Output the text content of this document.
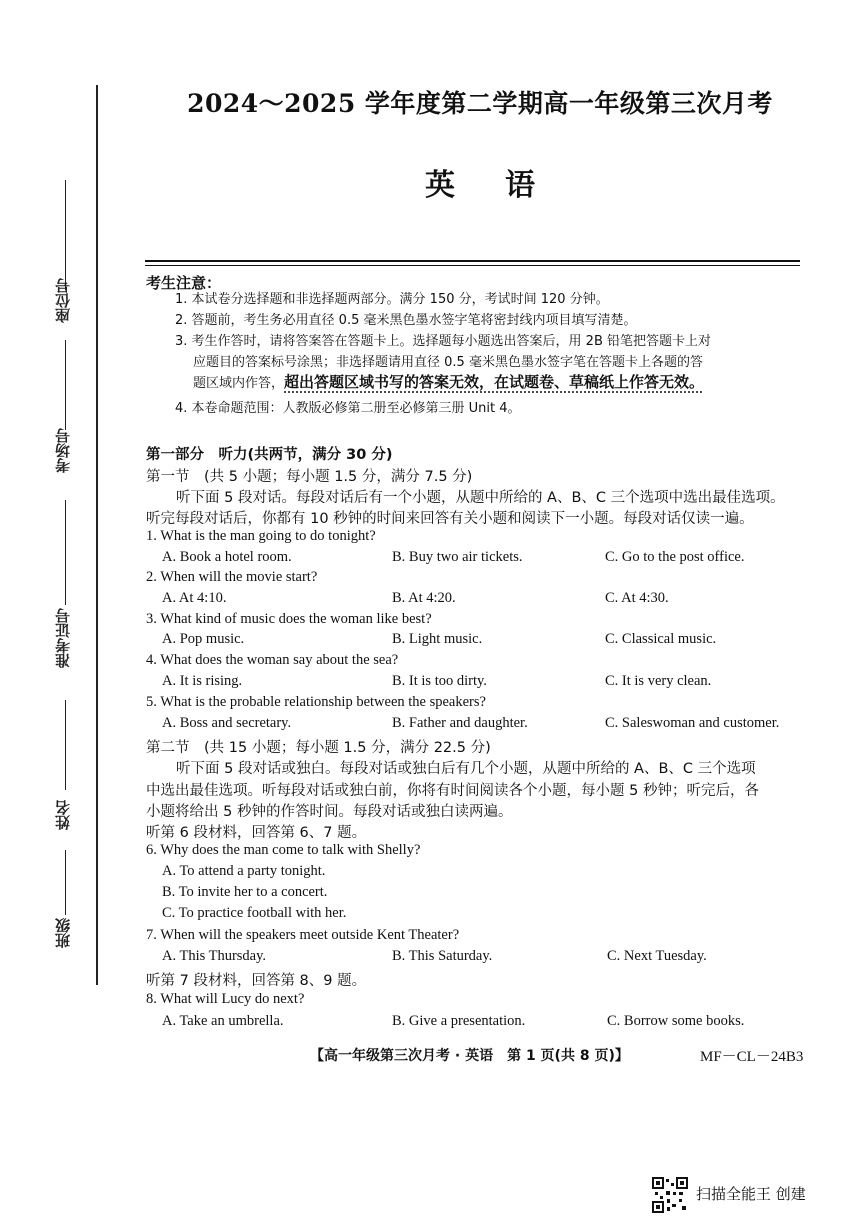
座位号
考场号
准考证号
姓名
班级
2024～2025 学年度第二学期高一年级第三次月考
英语
考生注意：
1. 本试卷分选择题和非选择题两部分。满分 150 分，考试时间 120 分钟。
2. 答题前，考生务必用直径 0.5 毫米黑色墨水签字笔将密封线内项目填写清楚。
3. 考生作答时，请将答案答在答题卡上。选择题每小题选出答案后，用 2B 铅笔把答题卡上对
应题目的答案标号涂黑；非选择题请用直径 0.5 毫米黑色墨水签字笔在答题卡上各题的答
题区域内作答，超出答题区域书写的答案无效，在试题卷、草稿纸上作答无效。
4. 本卷命题范围：人教版必修第二册至必修第三册 Unit 4。
第一部分　听力(共两节，满分 30 分)
第一节　(共 5 小题；每小题 1.5 分，满分 7.5 分)
听下面 5 段对话。每段对话后有一个小题，从题中所给的 A、B、C 三个选项中选出最佳选项。
听完每段对话后，你都有 10 秒钟的时间来回答有关小题和阅读下一小题。每段对话仅读一遍。
1. What is the man going to do tonight?
A. Book a hotel room.	B. Buy two air tickets.	C. Go to the post office.
2. When will the movie start?
A. At 4:10.	B. At 4:20.	C. At 4:30.
3. What kind of music does the woman like best?
A. Pop music.	B. Light music.	C. Classical music.
4. What does the woman say about the sea?
A. It is rising.	B. It is too dirty.	C. It is very clean.
5. What is the probable relationship between the speakers?
A. Boss and secretary.	B. Father and daughter.	C. Saleswoman and customer.
第二节　(共 15 小题；每小题 1.5 分，满分 22.5 分)
听下面 5 段对话或独白。每段对话或独白后有几个小题，从题中所给的 A、B、C 三个选项
中选出最佳选项。听每段对话或独白前，你将有时间阅读各个小题，每小题 5 秒钟；听完后，各
小题将给出 5 秒钟的作答时间。每段对话或独白读两遍。
听第 6 段材料，回答第 6、7 题。
6. Why does the man come to talk with Shelly?
A. To attend a party tonight.
B. To invite her to a concert.
C. To practice football with her.
7. When will the speakers meet outside Kent Theater?
A. This Thursday.	B. This Saturday.	C. Next Tuesday.
听第 7 段材料，回答第 8、9 题。
8. What will Lucy do next?
A. Take an umbrella.	B. Give a presentation.	C. Borrow some books.
【高一年级第三次月考 · 英语　第 1 页(共 8 页)】	MF－CL－24B3
扫描全能王 创建
